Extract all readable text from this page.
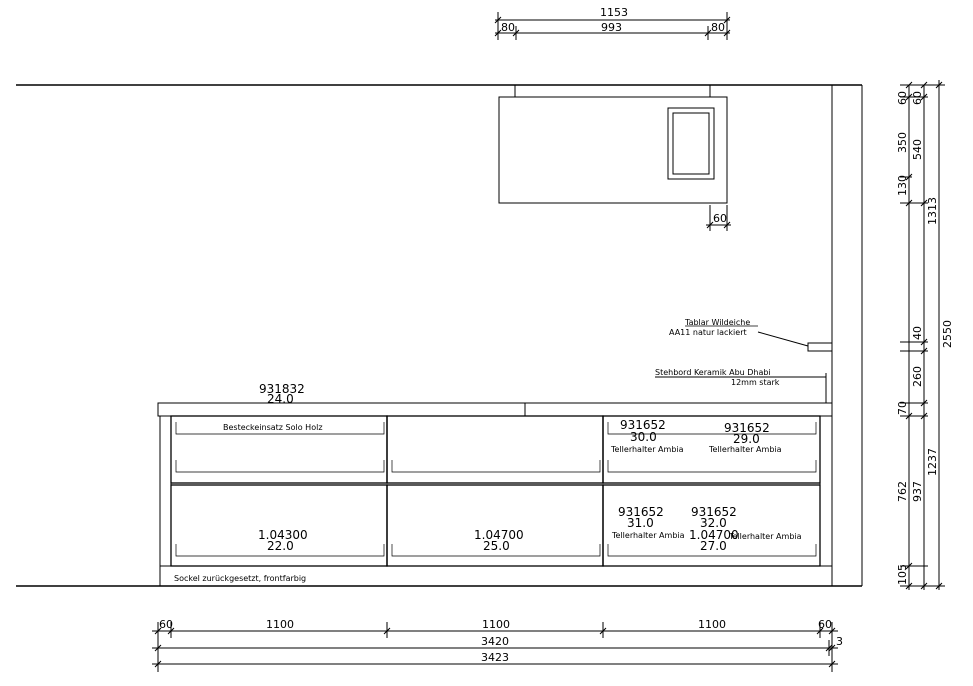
931832
24.0
Tablar Wildeiche
AA11 natur lackiert
Stehbord Keramik Abu Dhabi
12mm stark
Besteckeinsatz Solo Holz	931652
30.0
Tellerhalter Ambia
931652
29.0
Tellerhalter Ambia
1.04300
22.0
1.04700
25.0
931652
31.0
Tellerhalter Ambia
931652
32.0
1.04700
27.0
Tellerhalter Ambia
Sockel zurückgesetzt, frontfarbig
1153
80	993	80
60
60
350
130
60
540
1313
2550
40
260
70
762
1237
937
105
60	1100	1100	1100	60
3420	3
3423
